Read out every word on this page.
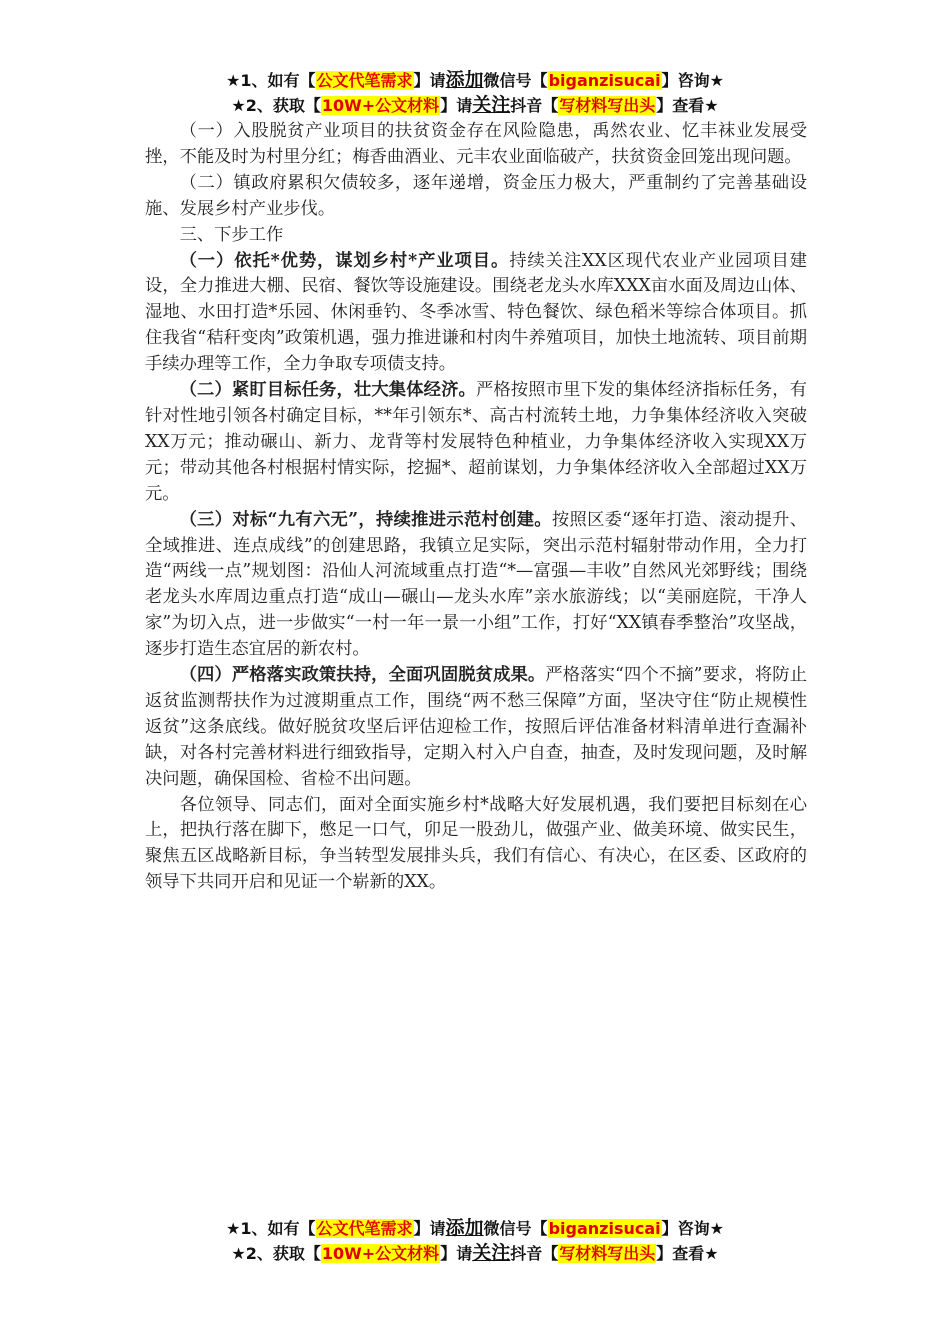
★1、如有【公文代笔需求】请添加微信号【biganzisucai】咨询★
★2、获取【10W+公文材料】请关注抖音【写材料写出头】查看★

（一）入股脱贫产业项目的扶贫资金存在风险隐患，禹然农业、忆丰袜业发展受挫，不能及时为村里分红；梅香曲酒业、元丰农业面临破产，扶贫资金回笼出现问题。

（二）镇政府累积欠债较多，逐年递增，资金压力极大，严重制约了完善基础设施、发展乡村产业步伐。

三、下步工作

（一）依托*优势，谋划乡村*产业项目。持续关注XX区现代农业产业园项目建设，全力推进大棚、民宿、餐饮等设施建设。围绕老龙头水库XXX亩水面及周边山体、湿地、水田打造*乐园、休闲垂钓、冬季冰雪、特色餐饮、绿色稻米等综合体项目。抓住我省“秸秆变肉”政策机遇，强力推进谦和村肉牛养殖项目，加快土地流转、项目前期手续办理等工作，全力争取专项债支持。

（二）紧盯目标任务，壮大集体经济。严格按照市里下发的集体经济指标任务，有针对性地引领各村确定目标，**年引领东*、高古村流转土地，力争集体经济收入突破XX万元；推动碾山、新力、龙背等村发展特色种植业，力争集体经济收入实现XX万元；带动其他各村根据村情实际，挖掘*、超前谋划，力争集体经济收入全部超过XX万元。

（三）对标“九有六无”，持续推进示范村创建。按照区委“逐年打造、滚动提升、全域推进、连点成线”的创建思路，我镇立足实际，突出示范村辐射带动作用，全力打造“两线一点”规划图：沿仙人河流域重点打造“*—富强—丰收”自然风光郊野线；围绕老龙头水库周边重点打造“成山—碾山—龙头水库”亲水旅游线；以“美丽庭院，干净人家”为切入点，进一步做实“一村一年一景一小组”工作，打好“XX镇春季整治”攻坚战，逐步打造生态宜居的新农村。

（四）严格落实政策扶持，全面巩固脱贫成果。严格落实“四个不摘”要求，将防止返贫监测帮扶作为过渡期重点工作，围绕“两不愁三保障”方面，坚决守住“防止规模性返贫”这条底线。做好脱贫攻坚后评估迎检工作，按照后评估准备材料清单进行查漏补缺，对各村完善材料进行细致指导，定期入村入户自查，抽查，及时发现问题，及时解决问题，确保国检、省检不出问题。

各位领导、同志们，面对全面实施乡村*战略大好发展机遇，我们要把目标刻在心上，把执行落在脚下，憋足一口气，卯足一股劲儿，做强产业、做美环境、做实民生，聚焦五区战略新目标，争当转型发展排头兵，我们有信心、有决心，在区委、区政府的领导下共同开启和见证一个崭新的XX。

★1、如有【公文代笔需求】请添加微信号【biganzisucai】咨询★
★2、获取【10W+公文材料】请关注抖音【写材料写出头】查看★
